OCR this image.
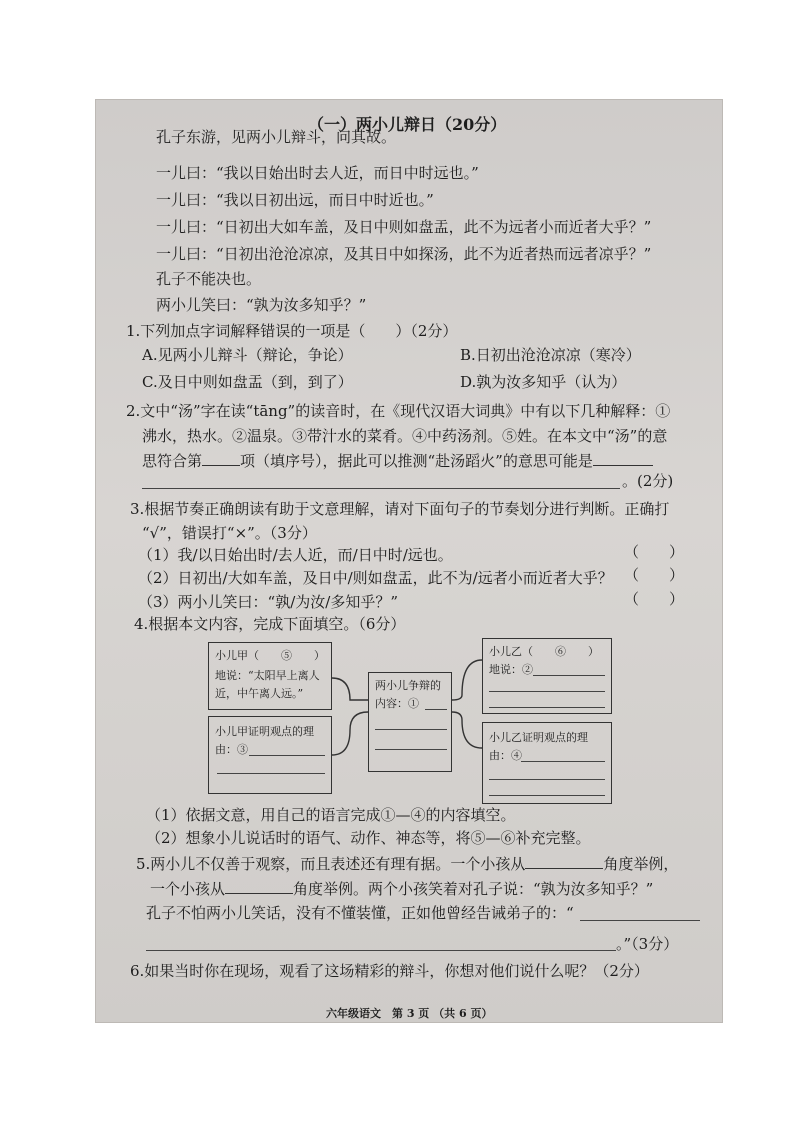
（一）两小儿辩日（20分）
孔子东游，见两小儿辩斗，问其故。
一儿曰：“我以日始出时去人近，而日中时远也。”
一儿曰：“我以日初出远，而日中时近也。”
一儿曰：“日初出大如车盖，及日中则如盘盂，此不为远者小而近者大乎？”
一儿曰：“日初出沧沧凉凉，及其日中如探汤，此不为近者热而远者凉乎？”
孔子不能决也。
两小儿笑曰：“孰为汝多知乎？”
1.下列加点字词解释错误的一项是（　　）（2分）
A.见两小儿辩斗（辩论，争论）	B.日初出沧沧凉凉（寒冷）
C.及日中则如盘盂（到，到了）	D.孰为汝多知乎（认为）
2.文中“汤”字在读“tāng”的读音时，在《现代汉语大词典》中有以下几种解释：①
沸水，热水。②温泉。③带汁水的菜肴。④中药汤剂。⑤姓。在本文中“汤”的意
思符合第	项（填序号），据此可以推测“赴汤蹈火”的意思可能是
。(2分)
3.根据节奏正确朗读有助于文意理解，请对下面句子的节奏划分进行判断。正确打
“√”，错误打“×”。（3分）
（1）我/以日始出时/去人近，而/日中时/远也。	（　　）
（2）日初出/大如车盖，及日中/则如盘盂，此不为/远者小而近者大乎？ （　　）
（3）两小儿笑曰：“孰/为汝/多知乎？”	（　　）
4.根据本文内容，完成下面填空。（6分）
小儿甲（　　⑤　　）
地说：“太阳早上离人
近，中午离人远。”
小儿甲证明观点的理
由：③
两小儿争辩的
内容：①
小儿乙（　　⑥　　）
地说：②
小儿乙证明观点的理
由：④
（1）依据文意，用自己的语言完成①—④的内容填空。
（2）想象小儿说话时的语气、动作、神态等，将⑤—⑥补充完整。
5.两小儿不仅善于观察，而且表述还有理有据。一个小孩从	角度举例，
一个小孩从	角度举例。两个小孩笑着对孔子说：“孰为汝多知乎？”
孔子不怕两小儿笑话，没有不懂装懂，正如他曾经告诫弟子的：“
。”（3分）
6.如果当时你在现场，观看了这场精彩的辩斗，你想对他们说什么呢？（2分）
六年级语文　第 3 页 （共 6 页）
